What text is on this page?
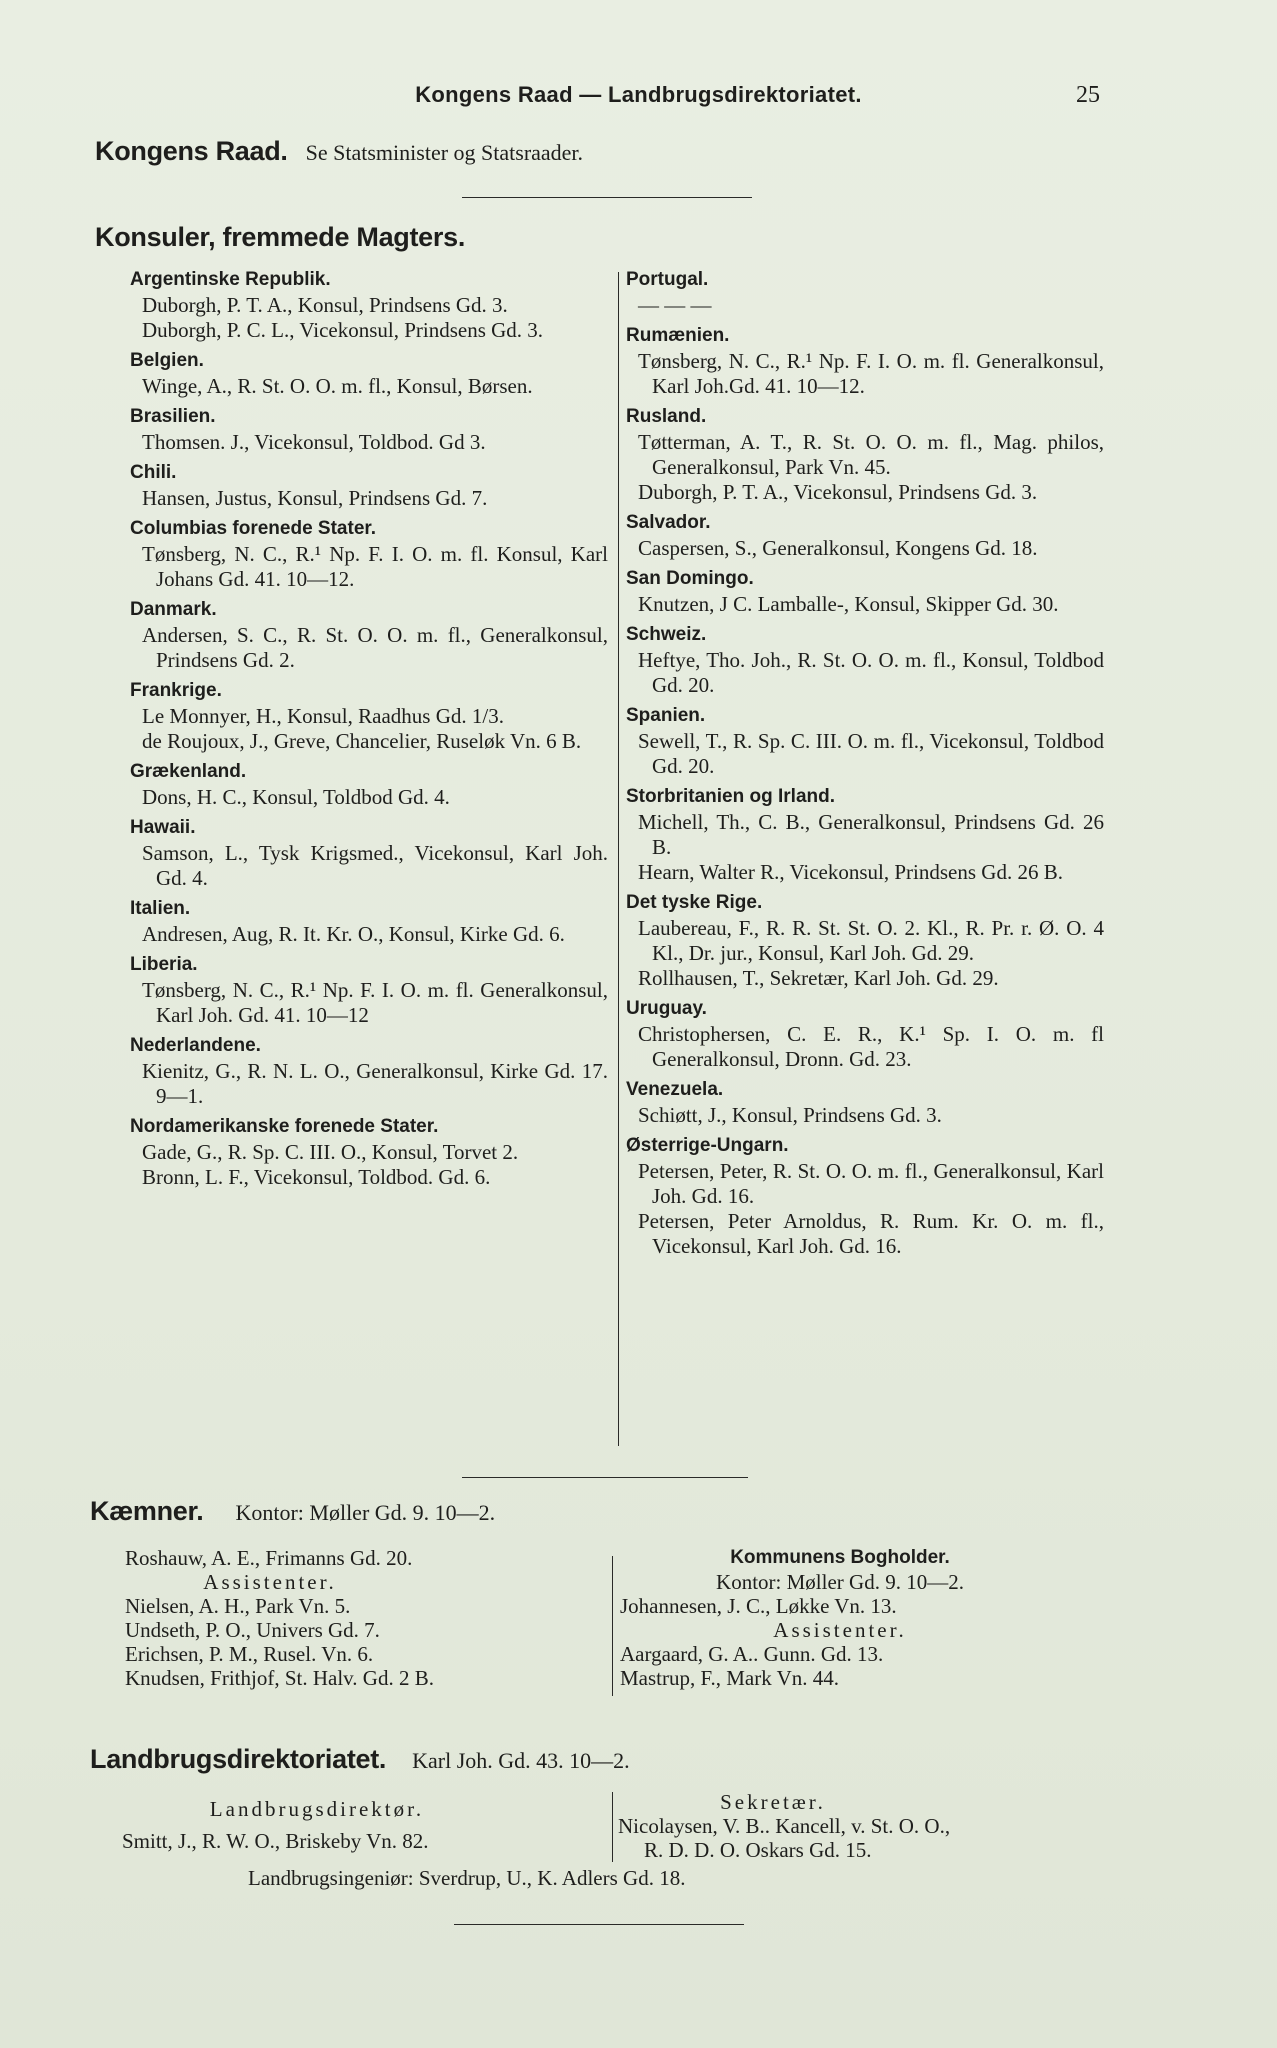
Kongens Raad — Landbrugsdirektoriatet.	25
Kongens Raad. Se Statsminister og Statsraader.
Konsuler, fremmede Magters.
Argentinske Republik.
Duborgh, P. T. A., Konsul, Prindsens Gd. 3.
Duborgh, P. C. L., Vicekonsul, Prindsens Gd. 3.
Belgien.
Winge, A., R. St. O. O. m. fl., Konsul, Børsen.
Brasilien.
Thomsen. J., Vicekonsul, Toldbod. Gd 3.
Chili.
Hansen, Justus, Konsul, Prindsens Gd. 7.
Columbias forenede Stater.
Tønsberg, N. C., R.¹ Np. F. I. O. m. fl. Konsul, Karl Johans Gd. 41. 10—12.
Danmark.
Andersen, S. C., R. St. O. O. m. fl., Generalkonsul, Prindsens Gd. 2.
Frankrige.
Le Monnyer, H., Konsul, Raadhus Gd. 1/3.
de Roujoux, J., Greve, Chancelier, Ruseløk Vn. 6 B.
Grækenland.
Dons, H. C., Konsul, Toldbod Gd. 4.
Hawaii.
Samson, L., Tysk Krigsmed., Vicekonsul, Karl Joh. Gd. 4.
Italien.
Andresen, Aug, R. It. Kr. O., Konsul, Kirke Gd. 6.
Liberia.
Tønsberg, N. C., R.¹ Np. F. I. O. m. fl. Generalkonsul, Karl Joh. Gd. 41. 10—12
Nederlandene.
Kienitz, G., R. N. L. O., Generalkonsul, Kirke Gd. 17. 9—1.
Nordamerikanske forenede Stater.
Gade, G., R. Sp. C. III. O., Konsul, Torvet 2.
Bronn, L. F., Vicekonsul, Toldbod. Gd. 6.
Portugal.
— — —
Rumænien.
Tønsberg, N. C., R.¹ Np. F. I. O. m. fl. Generalkonsul, Karl Joh.Gd. 41. 10—12.
Rusland.
Tøtterman, A. T., R. St. O. O. m. fl., Mag. philos, Generalkonsul, Park Vn. 45.
Duborgh, P. T. A., Vicekonsul, Prindsens Gd. 3.
Salvador.
Caspersen, S., Generalkonsul, Kongens Gd. 18.
San Domingo.
Knutzen, J C. Lamballe-, Konsul, Skipper Gd. 30.
Schweiz.
Heftye, Tho. Joh., R. St. O. O. m. fl., Konsul, Toldbod Gd. 20.
Spanien.
Sewell, T., R. Sp. C. III. O. m. fl., Vicekonsul, Toldbod Gd. 20.
Storbritanien og Irland.
Michell, Th., C. B., Generalkonsul, Prindsens Gd. 26 B.
Hearn, Walter R., Vicekonsul, Prindsens Gd. 26 B.
Det tyske Rige.
Laubereau, F., R. R. St. St. O. 2. Kl., R. Pr. r. Ø. O. 4 Kl., Dr. jur., Konsul, Karl Joh. Gd. 29.
Rollhausen, T., Sekretær, Karl Joh. Gd. 29.
Uruguay.
Christophersen, C. E. R., K.¹ Sp. I. O. m. fl Generalkonsul, Dronn. Gd. 23.
Venezuela.
Schiøtt, J., Konsul, Prindsens Gd. 3.
Østerrige-Ungarn.
Petersen, Peter, R. St. O. O. m. fl., Generalkonsul, Karl Joh. Gd. 16.
Petersen, Peter Arnoldus, R. Rum. Kr. O. m. fl., Vicekonsul, Karl Joh. Gd. 16.
Kæmner. Kontor: Møller Gd. 9. 10—2.
Roshauw, A. E., Frimanns Gd. 20.
Assistenter.
Nielsen, A. H., Park Vn. 5.
Undseth, P. O., Univers Gd. 7.
Erichsen, P. M., Rusel. Vn. 6.
Knudsen, Frithjof, St. Halv. Gd. 2 B.
Kommunens Bogholder.
Kontor: Møller Gd. 9. 10—2.
Johannesen, J. C., Løkke Vn. 13.
Assistenter.
Aargaard, G. A.. Gunn. Gd. 13.
Mastrup, F., Mark Vn. 44.
Landbrugsdirektoriatet. Karl Joh. Gd. 43. 10—2.
Landbrugsdirektør.
Smitt, J., R. W. O., Briskeby Vn. 82.
Sekretær.
Nicolaysen, V. B.. Kancell, v. St. O. O.,
R. D. D. O. Oskars Gd. 15.
Landbrugsingeniør: Sverdrup, U., K. Adlers Gd. 18.
